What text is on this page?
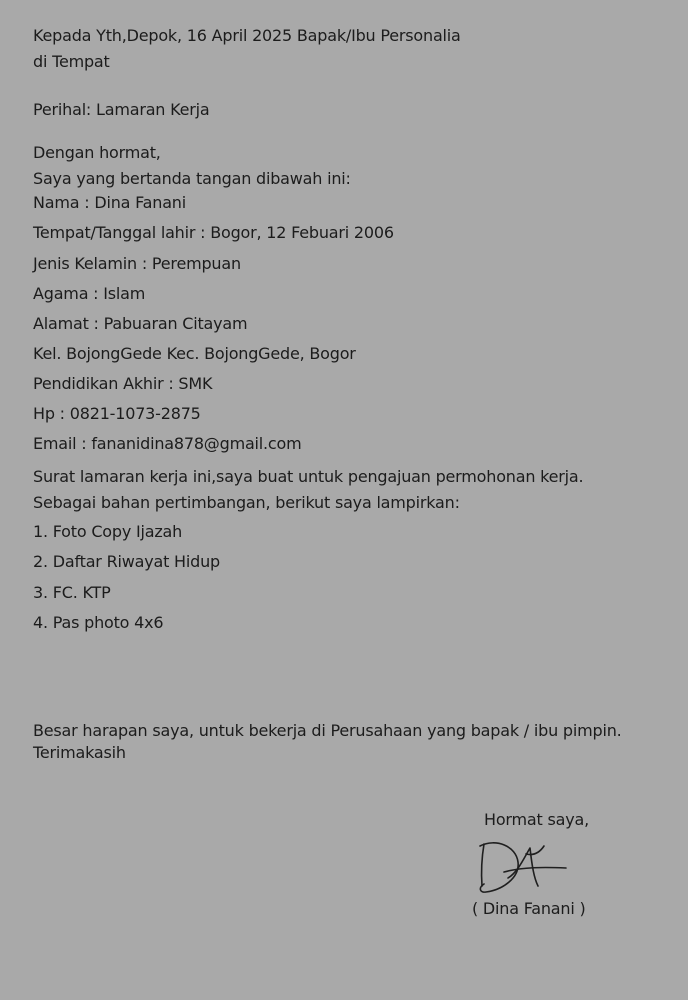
Kepada Yth,Depok, 16 April 2025 Bapak/Ibu Personalia
di Tempat
Perihal: Lamaran Kerja
Dengan hormat,
Saya yang bertanda tangan dibawah ini:
Nama : Dina Fanani
Tempat/Tanggal lahir : Bogor, 12 Febuari 2006
Jenis Kelamin : Perempuan
Agama : Islam
Alamat : Pabuaran Citayam
Kel. BojongGede Kec. BojongGede, Bogor
Pendidikan Akhir : SMK
Hp : 0821-1073-2875
Email : fananidina878@gmail.com
Surat lamaran kerja ini,saya buat untuk pengajuan permohonan kerja.
Sebagai bahan pertimbangan, berikut saya lampirkan:
1. Foto Copy Ijazah
2. Daftar Riwayat Hidup
3. FC. KTP
4. Pas photo 4x6
Besar harapan saya, untuk bekerja di Perusahaan yang bapak / ibu pimpin.
Terimakasih
Hormat saya,
( Dina Fanani )
